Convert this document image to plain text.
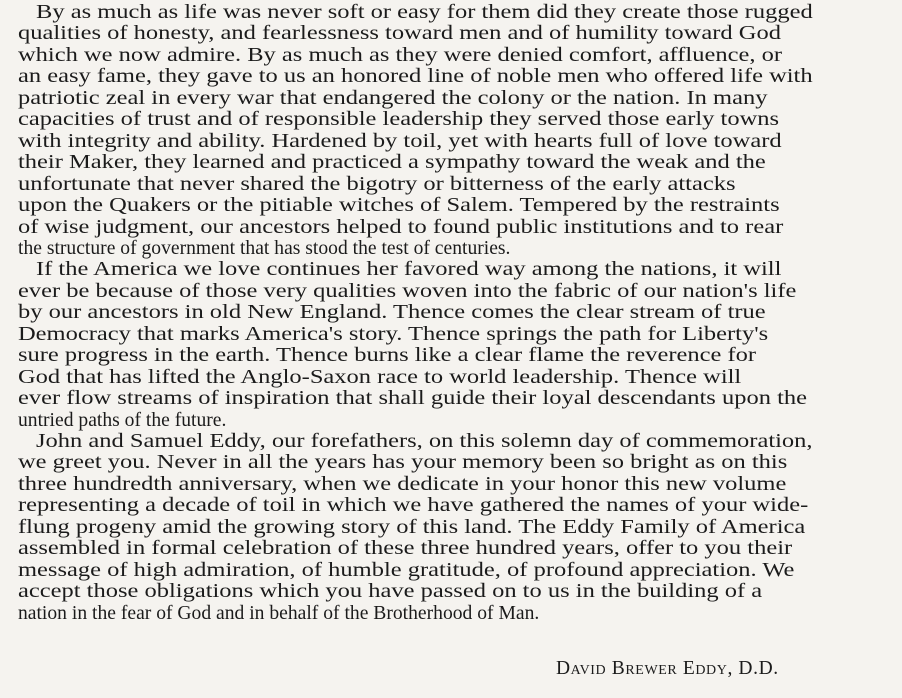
By as much as life was never soft or easy for them did they create those rugged
qualities of honesty, and fearlessness toward men and of humility toward God
which we now admire. By as much as they were denied comfort, affluence, or
an easy fame, they gave to us an honored line of noble men who offered life with
patriotic zeal in every war that endangered the colony or the nation. In many
capacities of trust and of responsible leadership they served those early towns
with integrity and ability. Hardened by toil, yet with hearts full of love toward
their Maker, they learned and practiced a sympathy toward the weak and the
unfortunate that never shared the bigotry or bitterness of the early attacks
upon the Quakers or the pitiable witches of Salem. Tempered by the restraints
of wise judgment, our ancestors helped to found public institutions and to rear
the structure of government that has stood the test of centuries.
If the America we love continues her favored way among the nations, it will
ever be because of those very qualities woven into the fabric of our nation's life
by our ancestors in old New England. Thence comes the clear stream of true
Democracy that marks America's story. Thence springs the path for Liberty's
sure progress in the earth. Thence burns like a clear flame the reverence for
God that has lifted the Anglo-Saxon race to world leadership. Thence will
ever flow streams of inspiration that shall guide their loyal descendants upon the
untried paths of the future.
John and Samuel Eddy, our forefathers, on this solemn day of commemoration,
we greet you. Never in all the years has your memory been so bright as on this
three hundredth anniversary, when we dedicate in your honor this new volume
representing a decade of toil in which we have gathered the names of your wide-
flung progeny amid the growing story of this land. The Eddy Family of America
assembled in formal celebration of these three hundred years, offer to you their
message of high admiration, of humble gratitude, of profound appreciation. We
accept those obligations which you have passed on to us in the building of a
nation in the fear of God and in behalf of the Brotherhood of Man.
David Brewer Eddy, D.D.
